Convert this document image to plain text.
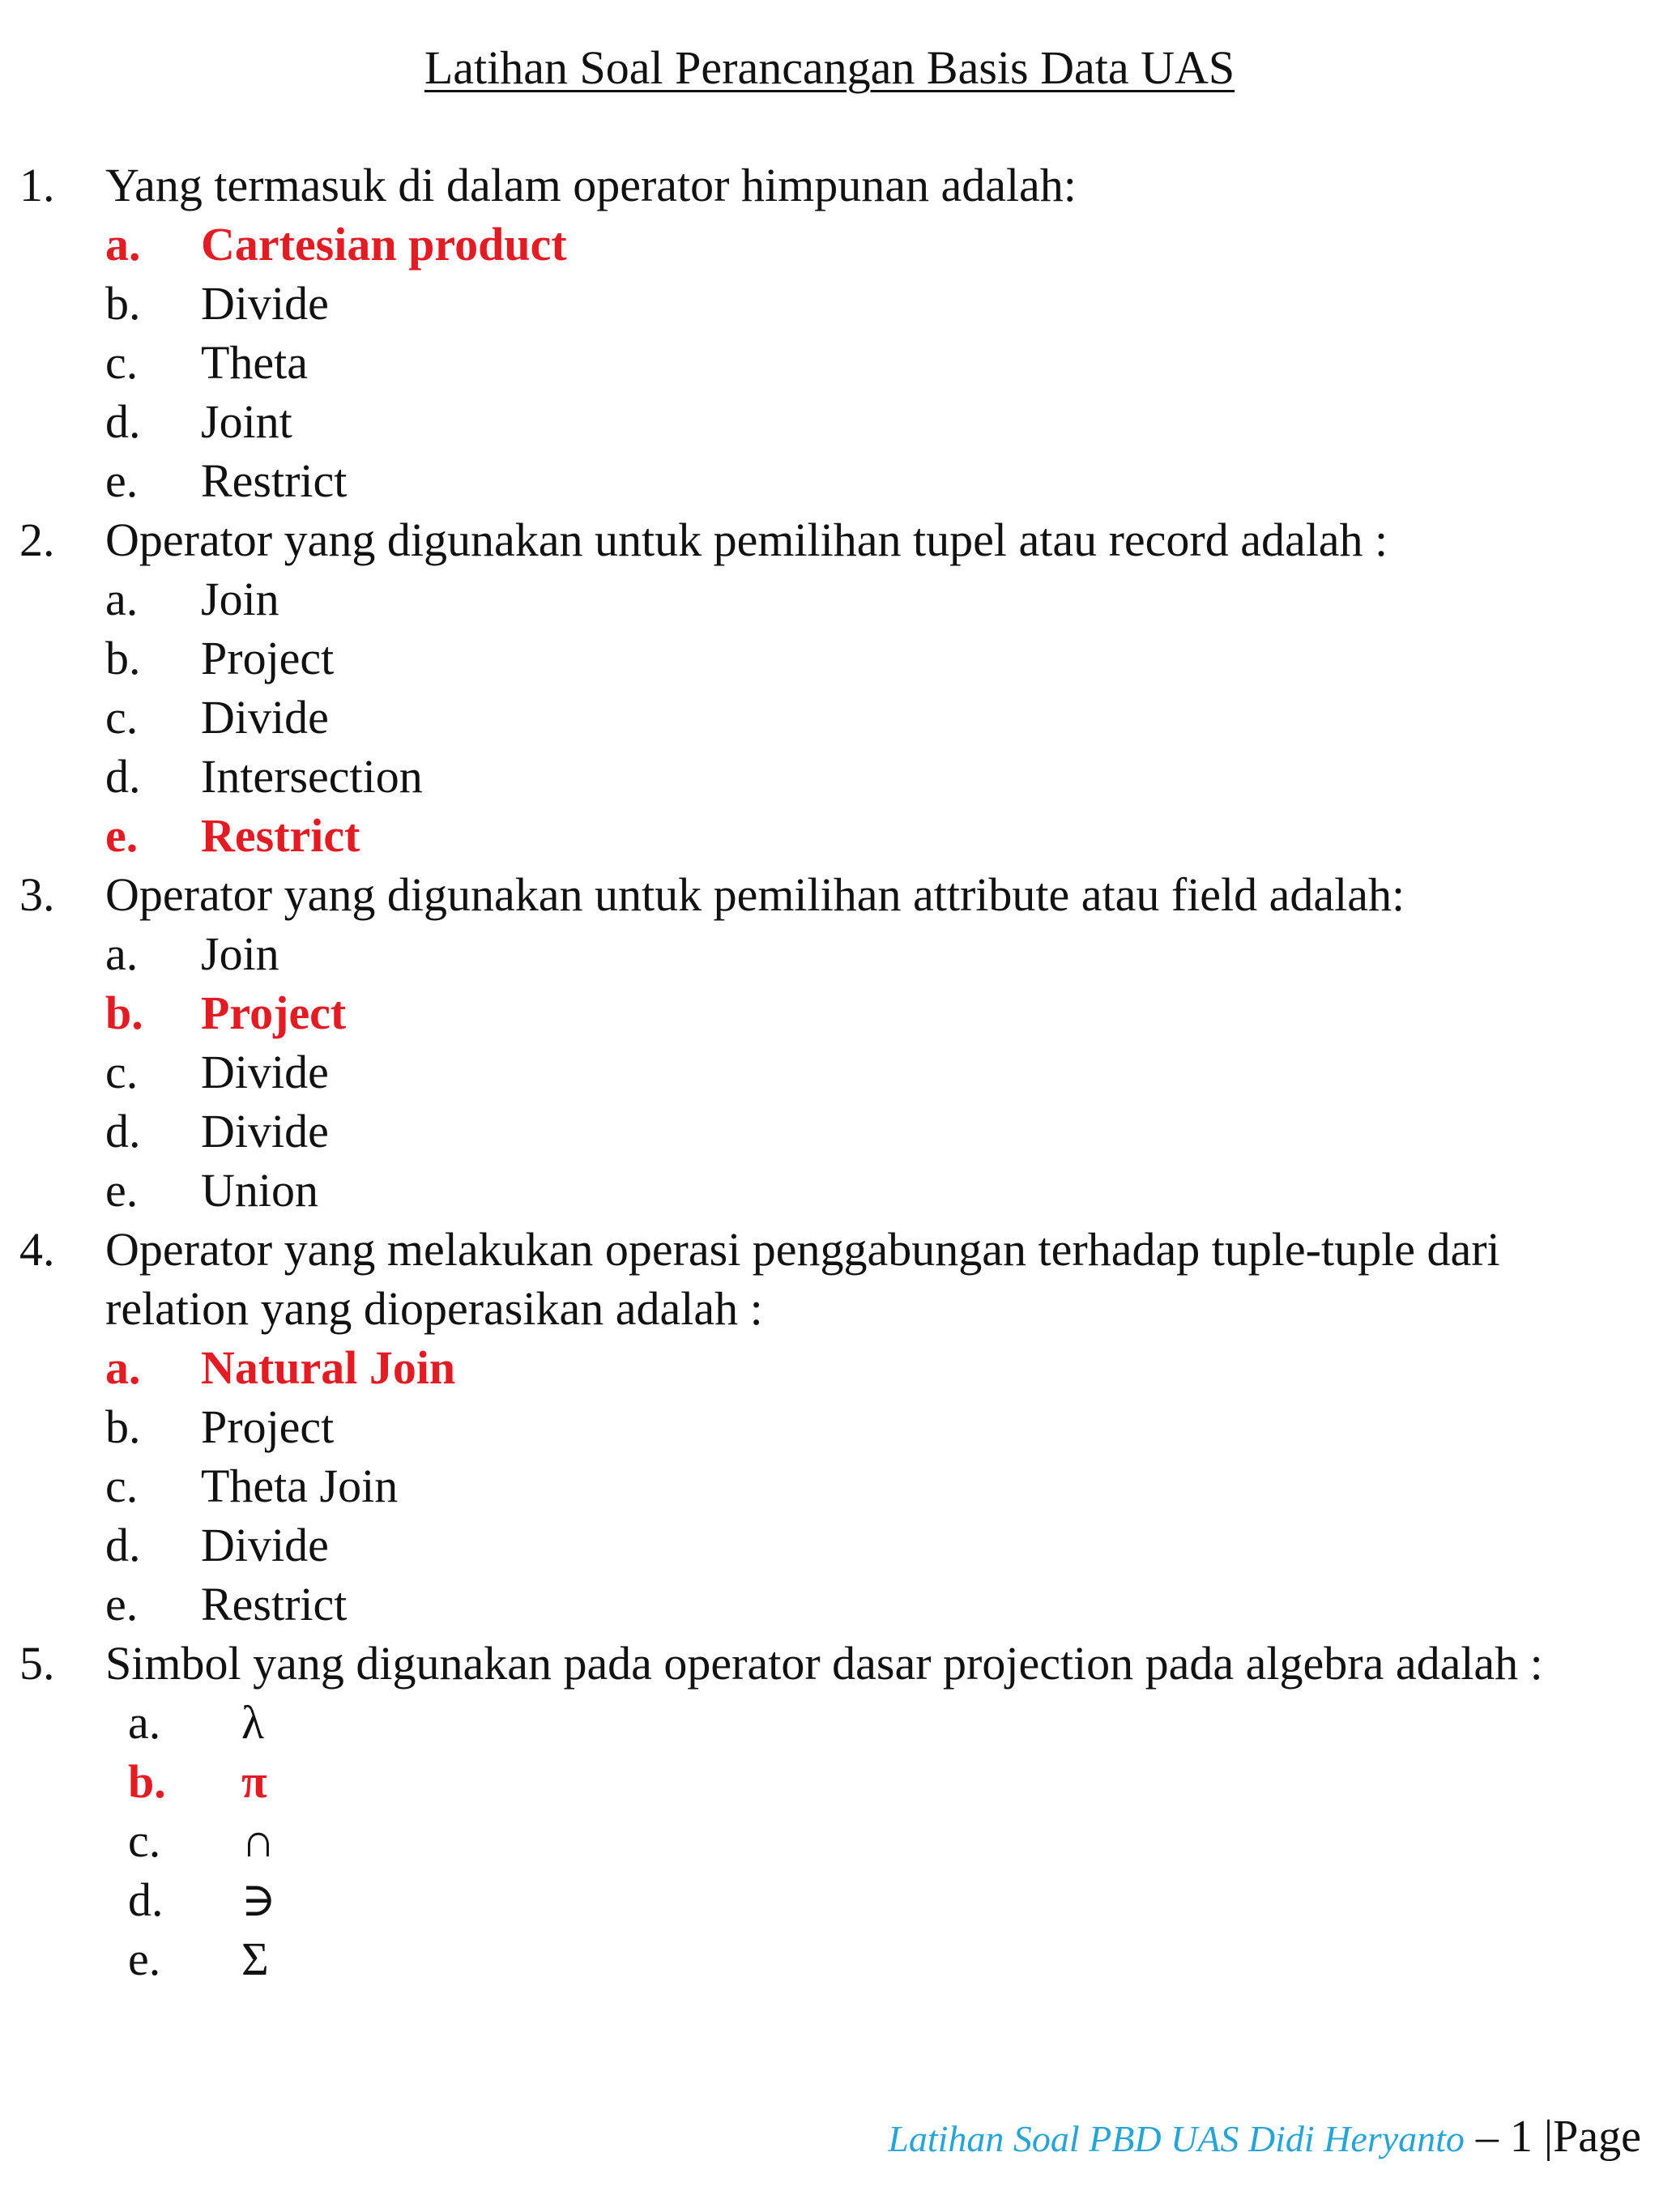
Latihan Soal Perancangan Basis Data UAS
1. Yang termasuk di dalam operator himpunan adalah:
a. Cartesian product
b. Divide
c. Theta
d. Joint
e. Restrict
2. Operator yang digunakan untuk pemilihan tupel atau record adalah :
a. Join
b. Project
c. Divide
d. Intersection
e. Restrict
3. Operator yang digunakan untuk pemilihan attribute atau field adalah:
a. Join
b. Project
c. Divide
d. Divide
e. Union
4. Operator yang melakukan operasi penggabungan terhadap tuple-tuple dari relation yang dioperasikan adalah :
a. Natural Join
b. Project
c. Theta Join
d. Divide
e. Restrict
5. Simbol yang digunakan pada operator dasar projection pada algebra adalah :
a. λ
b. π
c. ∩
d. ∋
e. Σ
Latihan Soal PBD UAS Didi Heryanto – 1 |Page
